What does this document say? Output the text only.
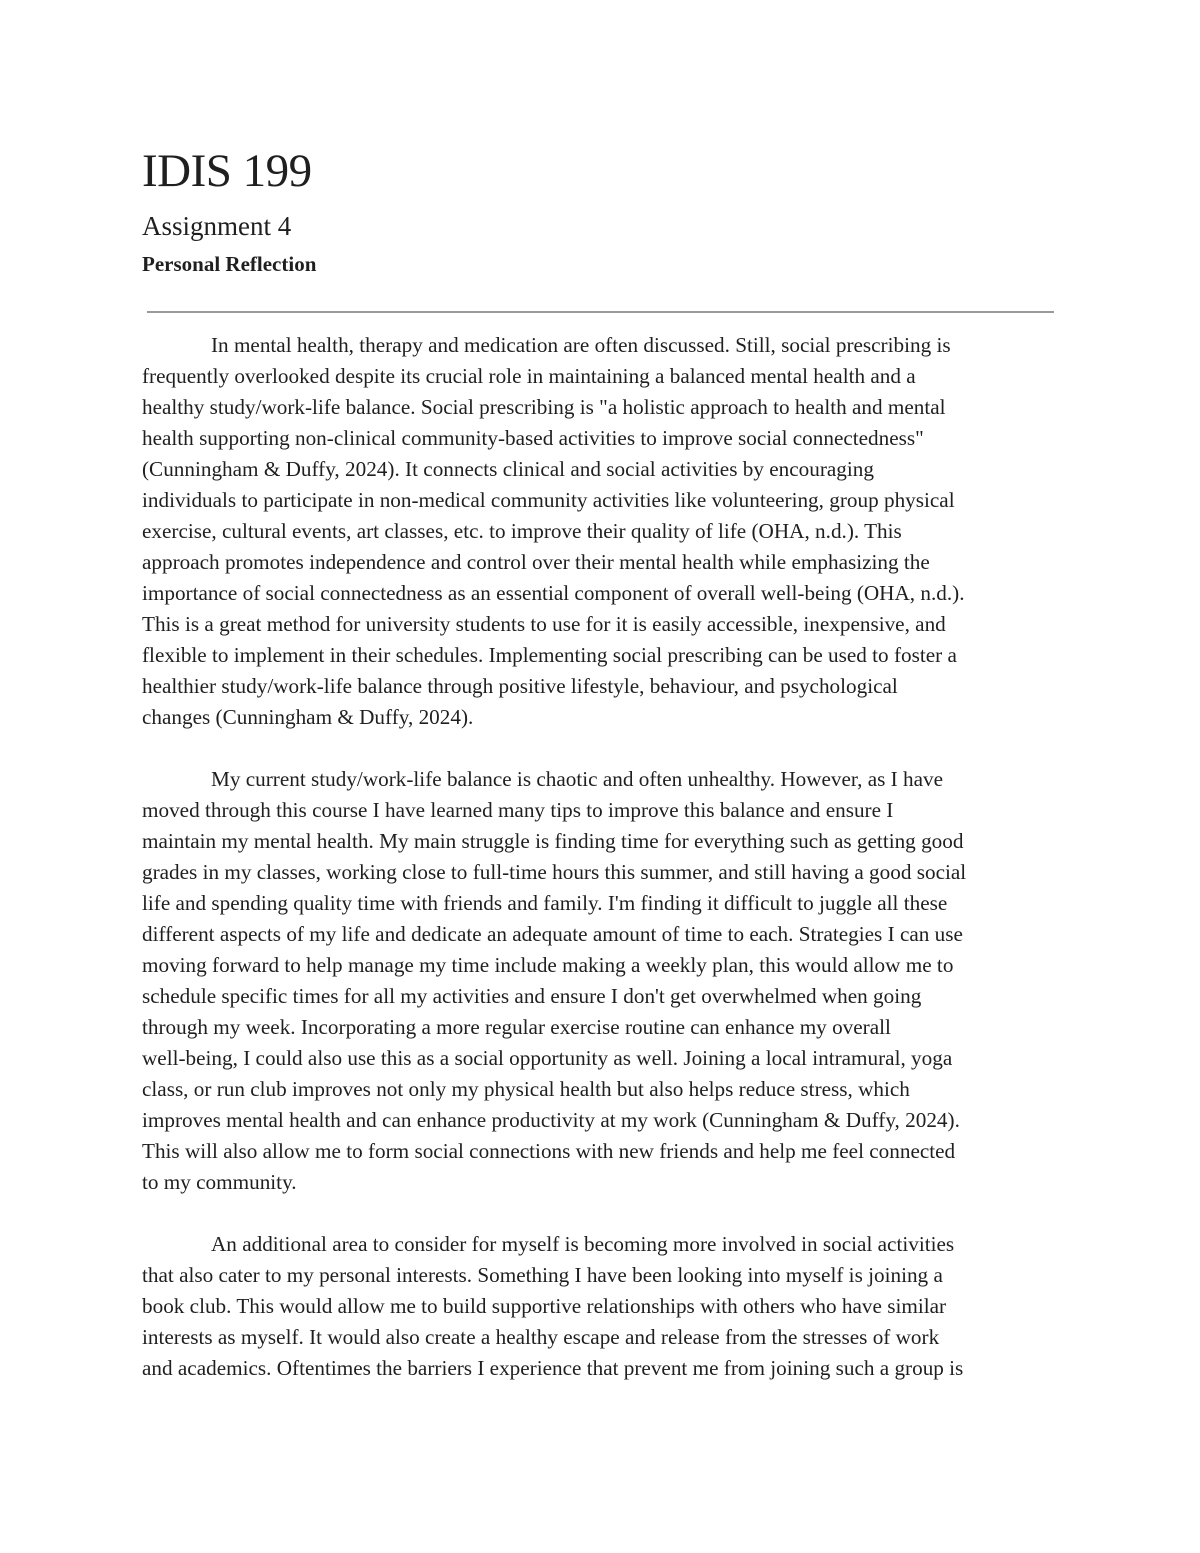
IDIS 199
Assignment 4
Personal Reflection

In mental health, therapy and medication are often discussed. Still, social prescribing is
frequently overlooked despite its crucial role in maintaining a balanced mental health and a
healthy study/work-life balance. Social prescribing is "a holistic approach to health and mental
health supporting non-clinical community-based activities to improve social connectedness"
(Cunningham & Duffy, 2024). It connects clinical and social activities by encouraging
individuals to participate in non-medical community activities like volunteering, group physical
exercise, cultural events, art classes, etc. to improve their quality of life (OHA, n.d.). This
approach promotes independence and control over their mental health while emphasizing the
importance of social connectedness as an essential component of overall well-being (OHA, n.d.).
This is a great method for university students to use for it is easily accessible, inexpensive, and
flexible to implement in their schedules. Implementing social prescribing can be used to foster a
healthier study/work-life balance through positive lifestyle, behaviour, and psychological
changes (Cunningham & Duffy, 2024).

My current study/work-life balance is chaotic and often unhealthy. However, as I have
moved through this course I have learned many tips to improve this balance and ensure I
maintain my mental health. My main struggle is finding time for everything such as getting good
grades in my classes, working close to full-time hours this summer, and still having a good social
life and spending quality time with friends and family. I'm finding it difficult to juggle all these
different aspects of my life and dedicate an adequate amount of time to each. Strategies I can use
moving forward to help manage my time include making a weekly plan, this would allow me to
schedule specific times for all my activities and ensure I don't get overwhelmed when going
through my week. Incorporating a more regular exercise routine can enhance my overall
well-being, I could also use this as a social opportunity as well. Joining a local intramural, yoga
class, or run club improves not only my physical health but also helps reduce stress, which
improves mental health and can enhance productivity at my work (Cunningham & Duffy, 2024).
This will also allow me to form social connections with new friends and help me feel connected
to my community.

An additional area to consider for myself is becoming more involved in social activities
that also cater to my personal interests. Something I have been looking into myself is joining a
book club. This would allow me to build supportive relationships with others who have similar
interests as myself. It would also create a healthy escape and release from the stresses of work
and academics. Oftentimes the barriers I experience that prevent me from joining such a group is
